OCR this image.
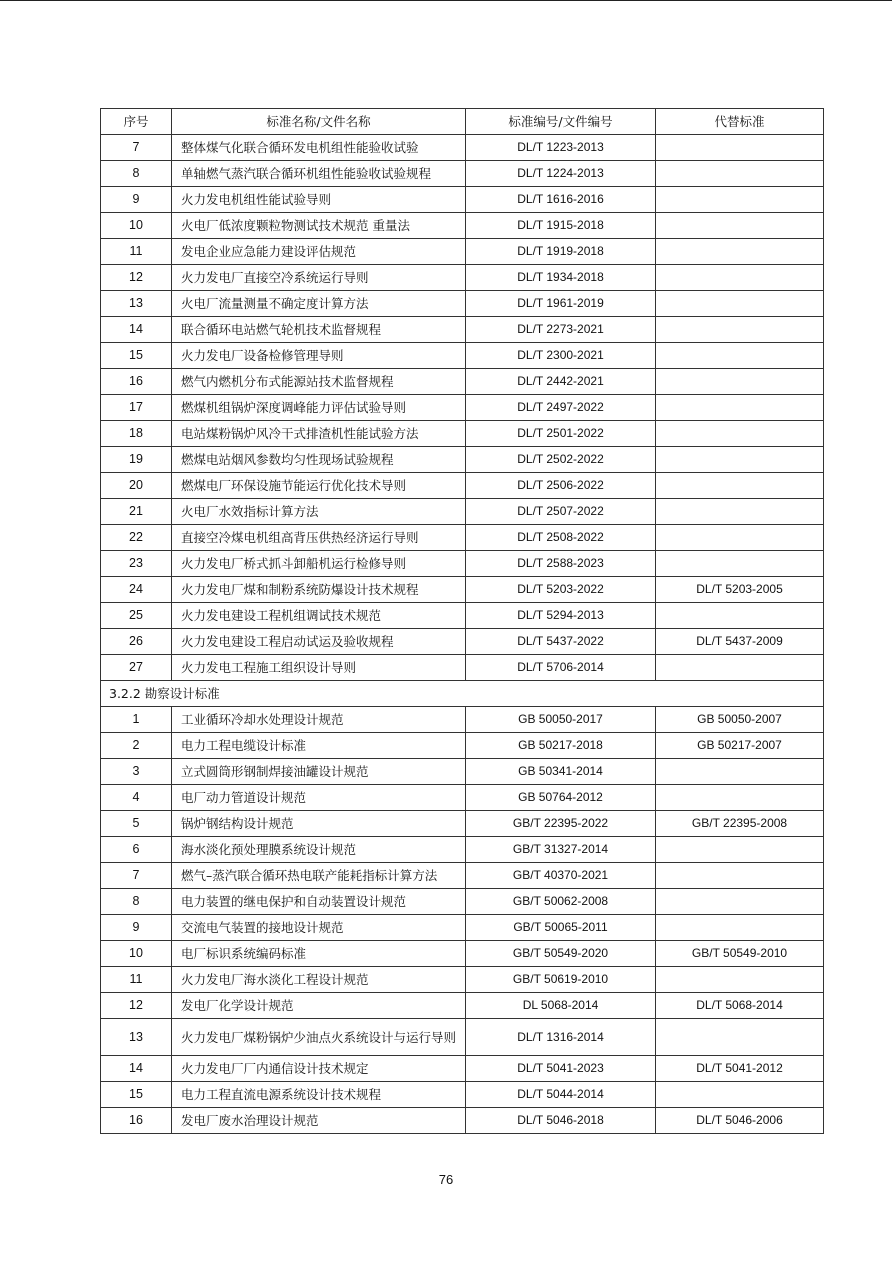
序号	标准名称/文件名称	标准编号/文件编号	代替标准
7	整体煤气化联合循环发电机组性能验收试验	DL/T 1223-2013	
8	单轴燃气蒸汽联合循环机组性能验收试验规程	DL/T 1224-2013	
9	火力发电机组性能试验导则	DL/T 1616-2016	
10	火电厂低浓度颗粒物测试技术规范 重量法	DL/T 1915-2018	
11	发电企业应急能力建设评估规范	DL/T 1919-2018	
12	火力发电厂直接空冷系统运行导则	DL/T 1934-2018	
13	火电厂流量测量不确定度计算方法	DL/T 1961-2019	
14	联合循环电站燃气轮机技术监督规程	DL/T 2273-2021	
15	火力发电厂设备检修管理导则	DL/T 2300-2021	
16	燃气内燃机分布式能源站技术监督规程	DL/T 2442-2021	
17	燃煤机组锅炉深度调峰能力评估试验导则	DL/T 2497-2022	
18	电站煤粉锅炉风冷干式排渣机性能试验方法	DL/T 2501-2022	
19	燃煤电站烟风参数均匀性现场试验规程	DL/T 2502-2022	
20	燃煤电厂环保设施节能运行优化技术导则	DL/T 2506-2022	
21	火电厂水效指标计算方法	DL/T 2507-2022	
22	直接空冷煤电机组高背压供热经济运行导则	DL/T 2508-2022	
23	火力发电厂桥式抓斗卸船机运行检修导则	DL/T 2588-2023	
24	火力发电厂煤和制粉系统防爆设计技术规程	DL/T 5203-2022	DL/T 5203-2005
25	火力发电建设工程机组调试技术规范	DL/T 5294-2013	
26	火力发电建设工程启动试运及验收规程	DL/T 5437-2022	DL/T 5437-2009
27	火力发电工程施工组织设计导则	DL/T 5706-2014	
3.2.2 勘察设计标准			
1	工业循环冷却水处理设计规范	GB 50050-2017	GB 50050-2007
2	电力工程电缆设计标准	GB 50217-2018	GB 50217-2007
3	立式圆筒形钢制焊接油罐设计规范	GB 50341-2014	
4	电厂动力管道设计规范	GB 50764-2012	
5	锅炉钢结构设计规范	GB/T 22395-2022	GB/T 22395-2008
6	海水淡化预处理膜系统设计规范	GB/T 31327-2014	
7	燃气–蒸汽联合循环热电联产能耗指标计算方法	GB/T 40370-2021	
8	电力装置的继电保护和自动装置设计规范	GB/T 50062-2008	
9	交流电气装置的接地设计规范	GB/T 50065-2011	
10	电厂标识系统编码标准	GB/T 50549-2020	GB/T 50549-2010
11	火力发电厂海水淡化工程设计规范	GB/T 50619-2010	
12	发电厂化学设计规范	DL 5068-2014	DL/T 5068-2014
13	火力发电厂煤粉锅炉少油点火系统设计与运行导则	DL/T 1316-2014	
14	火力发电厂厂内通信设计技术规定	DL/T 5041-2023	DL/T 5041-2012
15	电力工程直流电源系统设计技术规程	DL/T 5044-2014	
16	发电厂废水治理设计规范	DL/T 5046-2018	DL/T 5046-2006
76
